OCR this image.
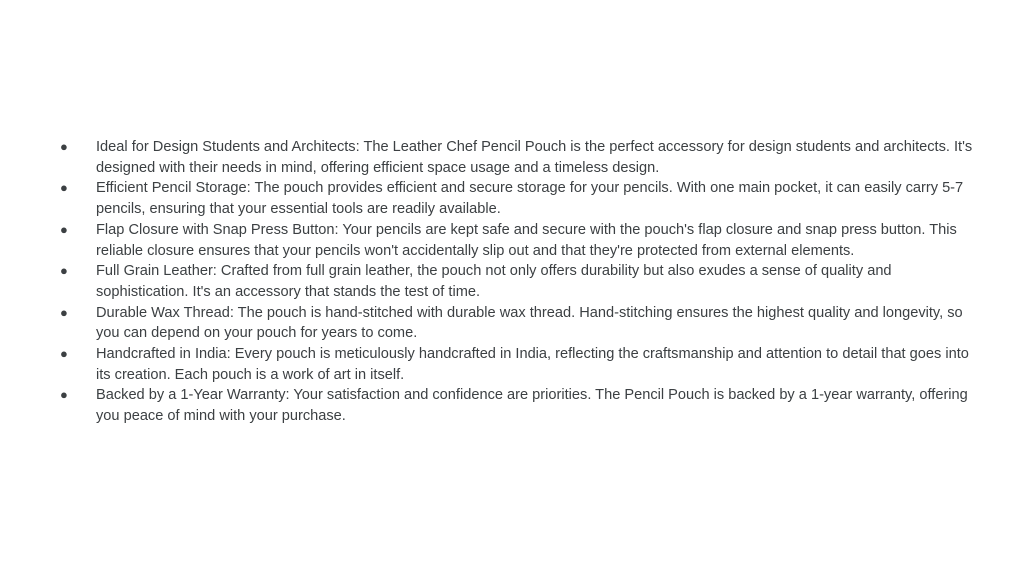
● Ideal for Design Students and Architects: The Leather Chef Pencil Pouch is the perfect accessory for design students and architects. It's designed with their needs in mind, offering efficient space usage and a timeless design.
● Efficient Pencil Storage: The pouch provides efficient and secure storage for your pencils. With one main pocket, it can easily carry 5-7 pencils, ensuring that your essential tools are readily available.
● Flap Closure with Snap Press Button: Your pencils are kept safe and secure with the pouch's flap closure and snap press button. This reliable closure ensures that your pencils won't accidentally slip out and that they're protected from external elements.
● Full Grain Leather: Crafted from full grain leather, the pouch not only offers durability but also exudes a sense of quality and sophistication. It's an accessory that stands the test of time.
● Durable Wax Thread: The pouch is hand-stitched with durable wax thread. Hand-stitching ensures the highest quality and longevity, so you can depend on your pouch for years to come.
● Handcrafted in India: Every pouch is meticulously handcrafted in India, reflecting the craftsmanship and attention to detail that goes into its creation. Each pouch is a work of art in itself.
● Backed by a 1-Year Warranty: Your satisfaction and confidence are priorities. The Pencil Pouch is backed by a 1-year warranty, offering you peace of mind with your purchase.
